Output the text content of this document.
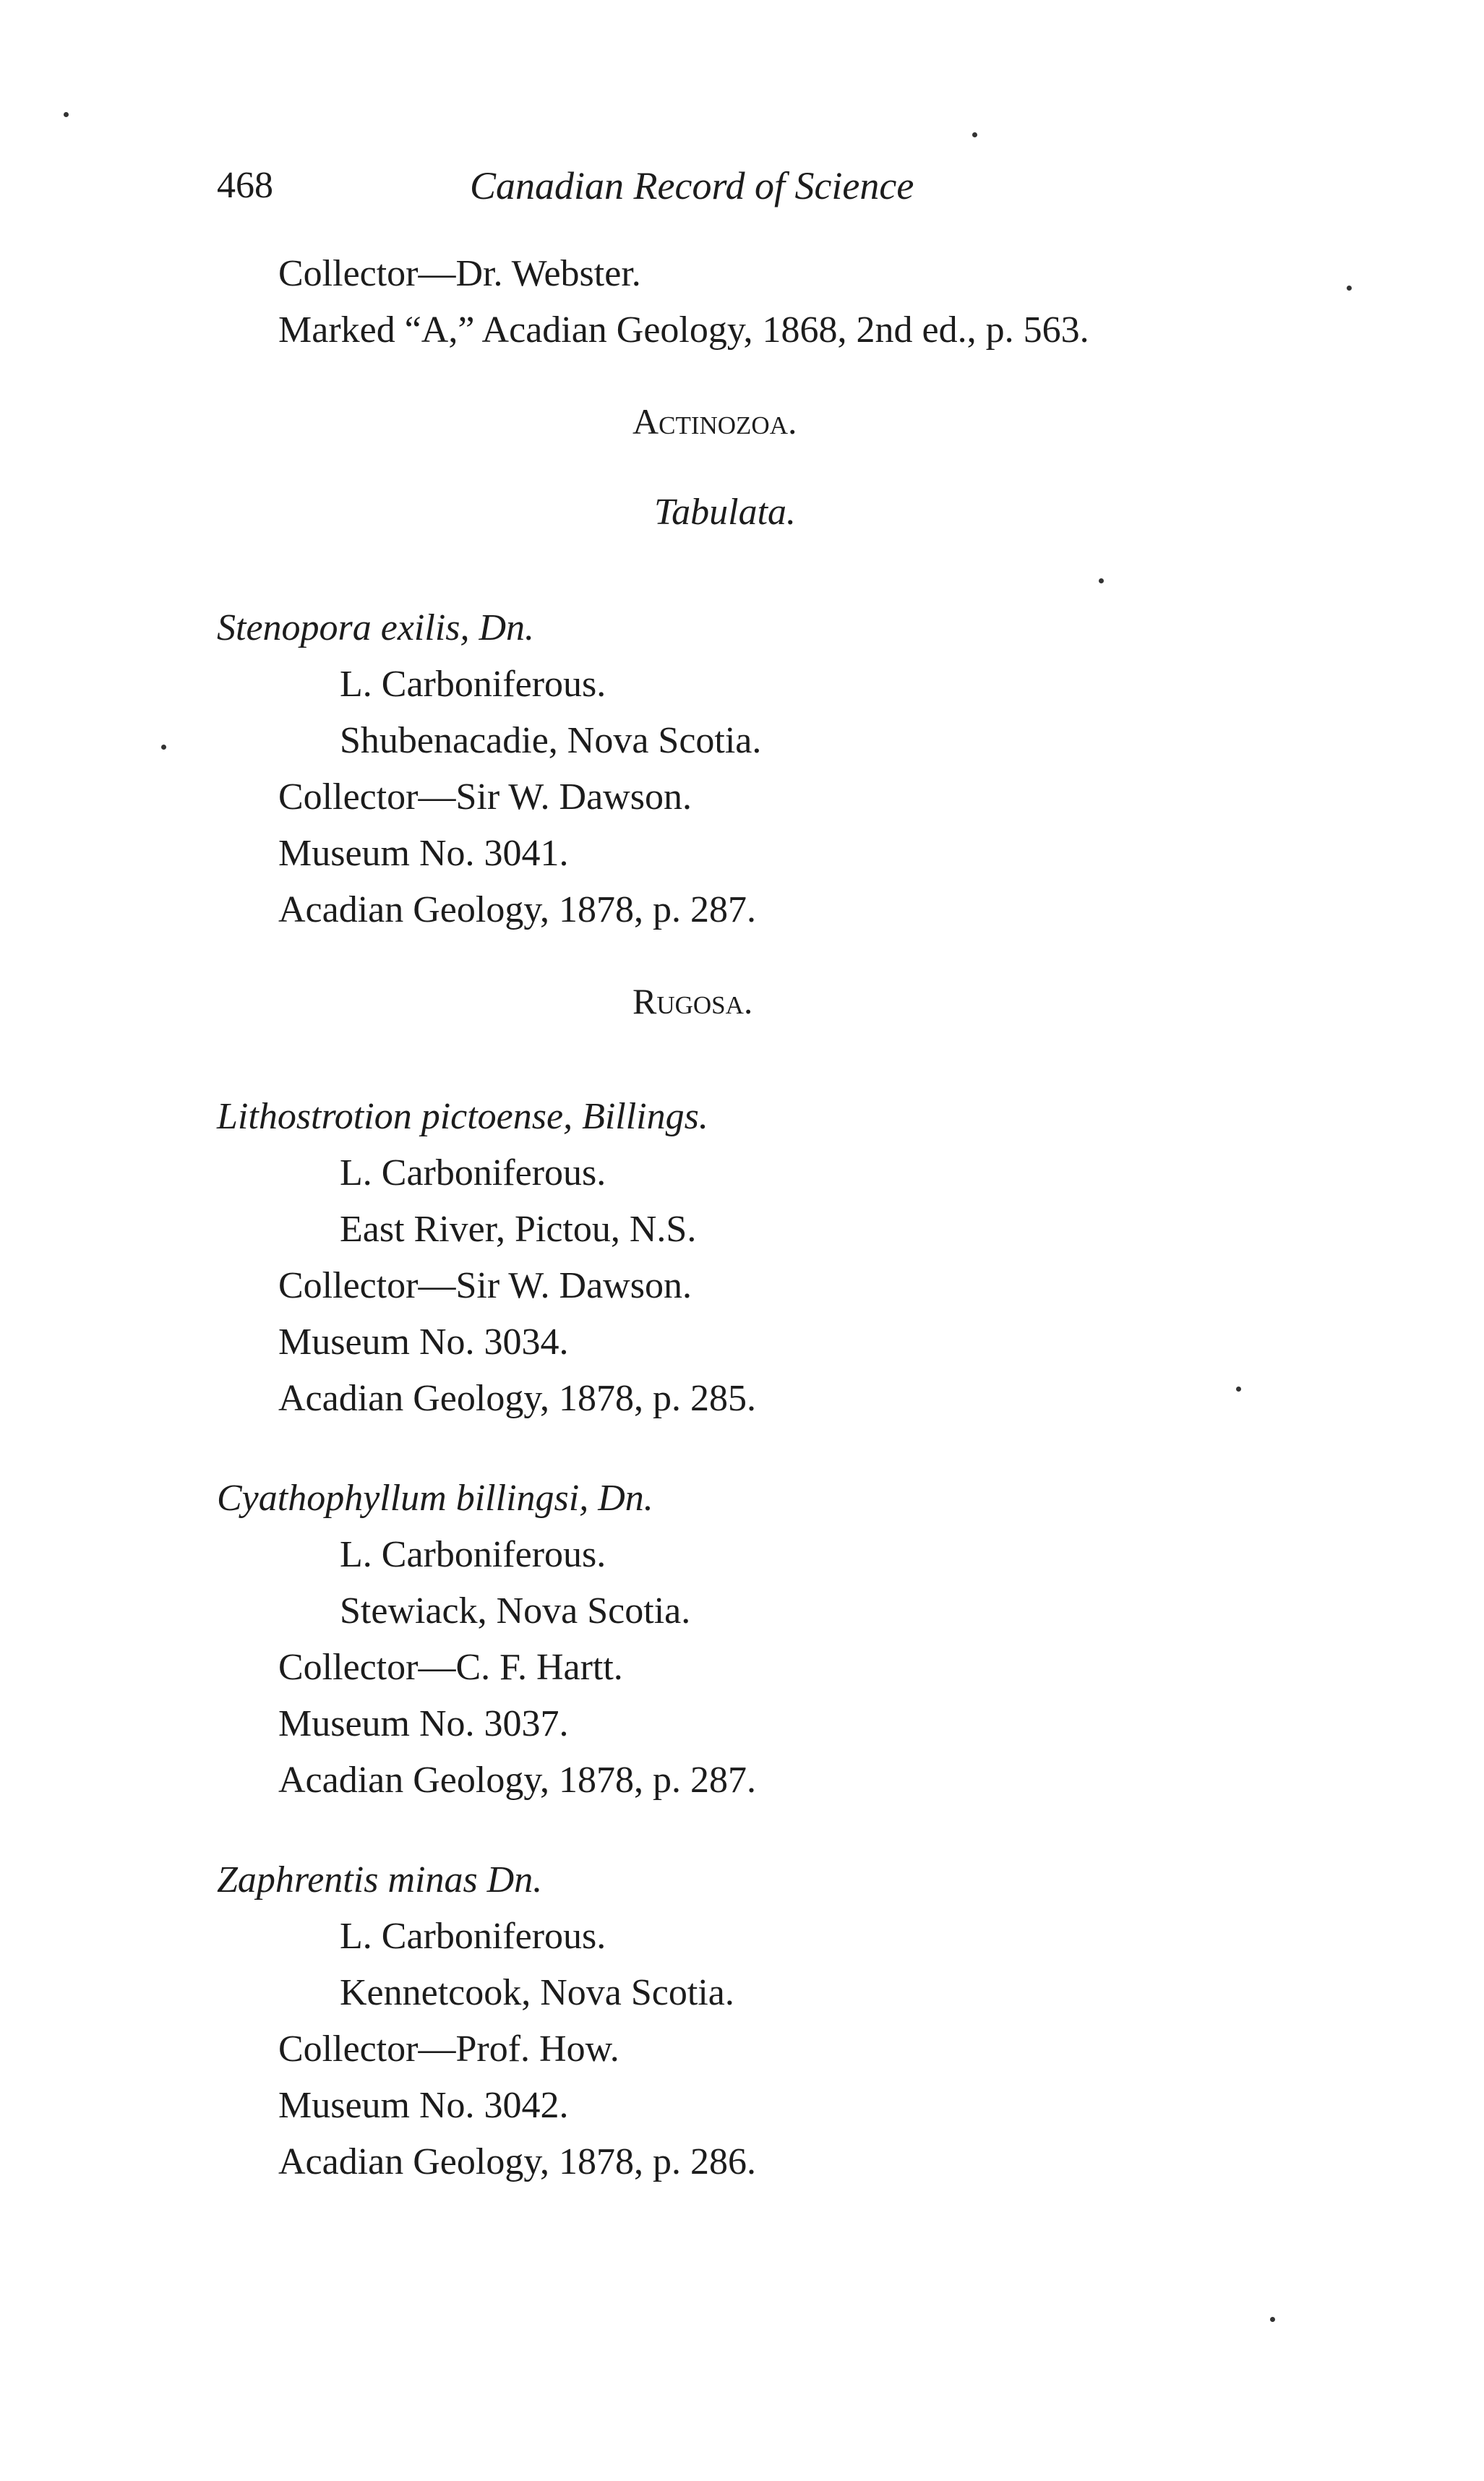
468	Canadian Record of Science
Collector—Dr. Webster.
Marked “A,” Acadian Geology, 1868, 2nd ed., p. 563.
Actinozoa.
Tabulata.
Stenopora exilis, Dn.
L. Carboniferous.
Shubenacadie, Nova Scotia.
Collector—Sir W. Dawson.
Museum No. 3041.
Acadian Geology, 1878, p. 287.
Rugosa.
Lithostrotion pictoense, Billings.
L. Carboniferous.
East River, Pictou, N.S.
Collector—Sir W. Dawson.
Museum No. 3034.
Acadian Geology, 1878, p. 285.
Cyathophyllum billingsi, Dn.
L. Carboniferous.
Stewiack, Nova Scotia.
Collector—C. F. Hartt.
Museum No. 3037.
Acadian Geology, 1878, p. 287.
Zaphrentis minas Dn.
L. Carboniferous.
Kennetcook, Nova Scotia.
Collector—Prof. How.
Museum No. 3042.
Acadian Geology, 1878, p. 286.
